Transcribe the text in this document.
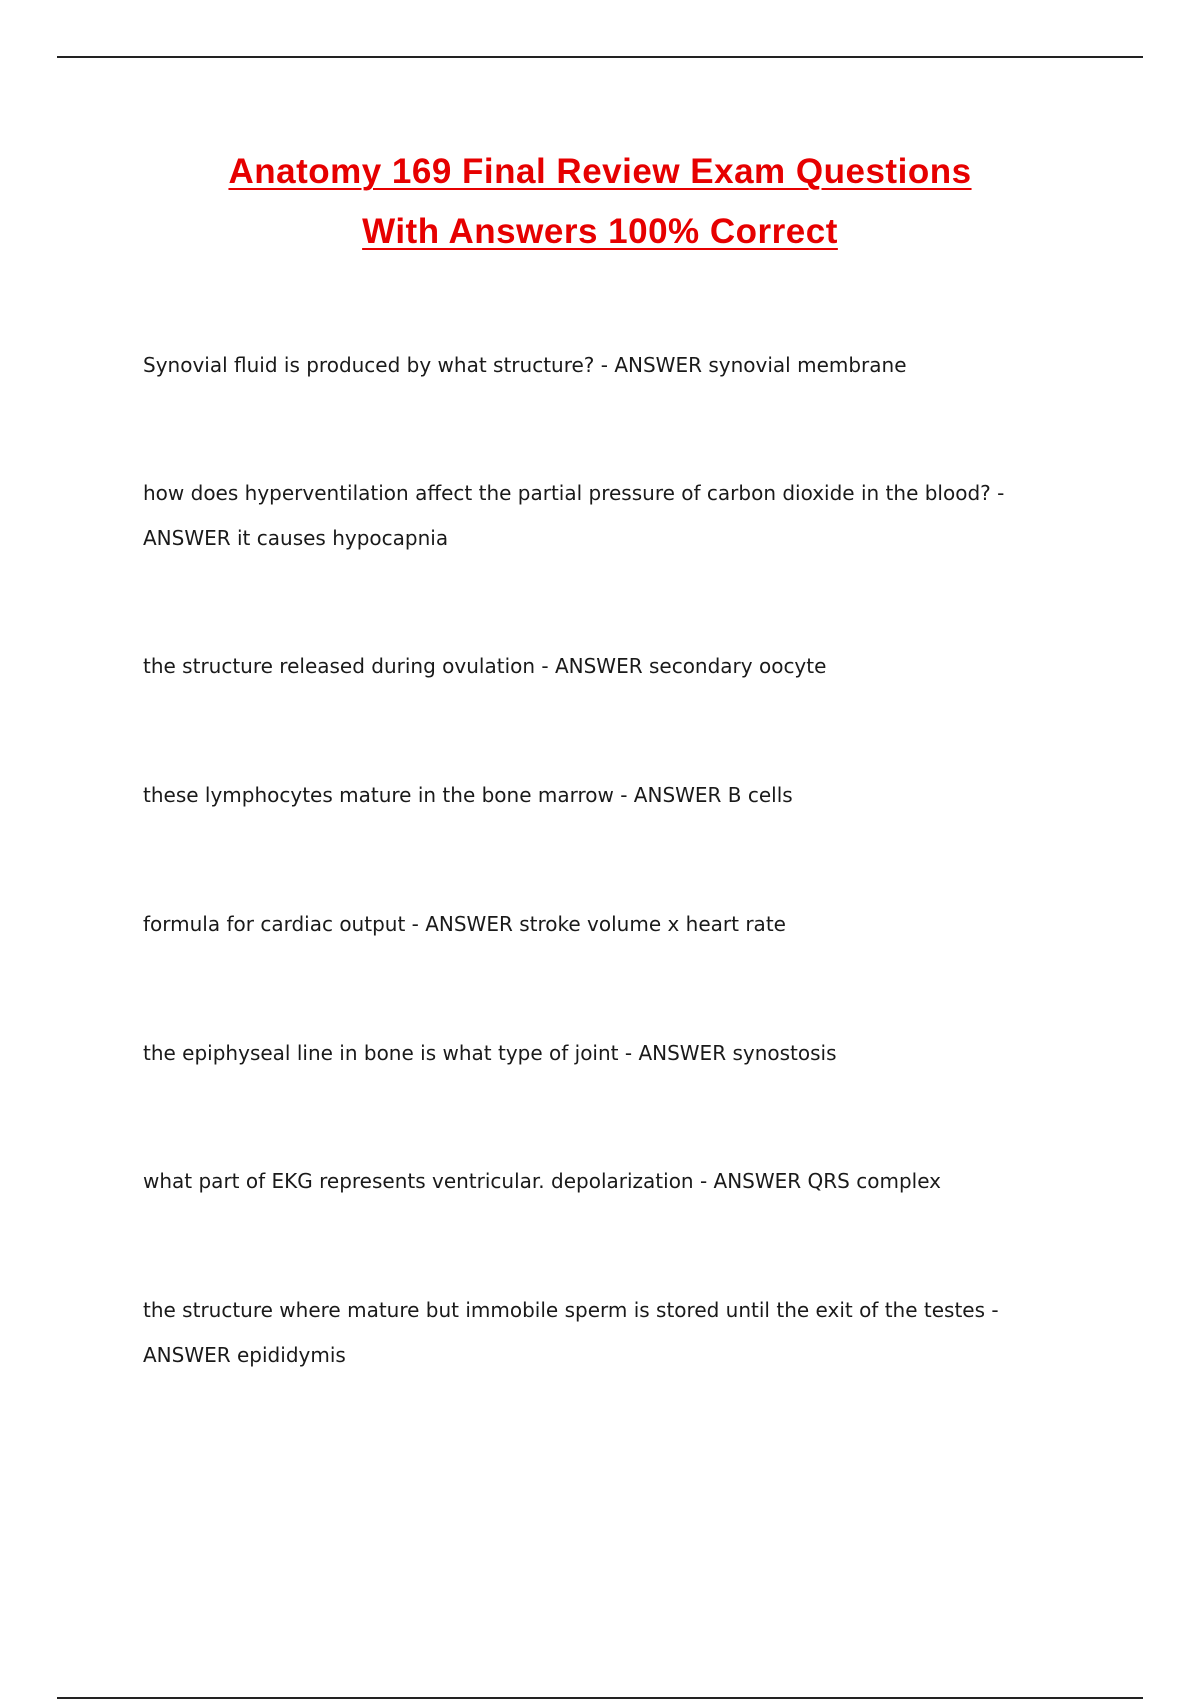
Anatomy 169 Final Review Exam Questions
With Answers 100% Correct
Synovial fluid is produced by what structure? - ANSWER synovial membrane
how does hyperventilation affect the partial pressure of carbon dioxide in the blood? - ANSWER it causes hypocapnia
the structure released during ovulation - ANSWER secondary oocyte
these lymphocytes mature in the bone marrow - ANSWER B cells
formula for cardiac output - ANSWER stroke volume x heart rate
the epiphyseal line in bone is what type of joint - ANSWER synostosis
what part of EKG represents ventricular. depolarization - ANSWER QRS complex
the structure where mature but immobile sperm is stored until the exit of the testes - ANSWER epididymis
